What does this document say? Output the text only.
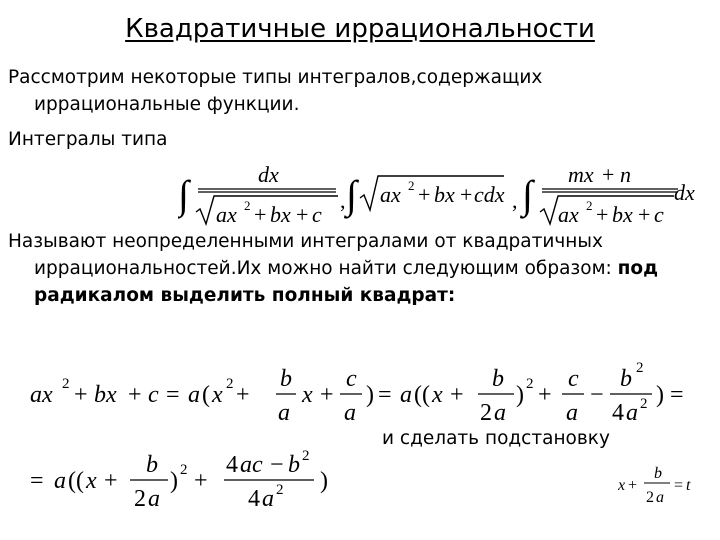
Квадратичные иррациональности
Рассмотрим некоторые типы интегралов,содержащих
иррациональные функции.
Интегралы типа
∫	dx
ax 2 + bx + c
, ∫ ax 2 + bx + cdx , ∫ mx + n
ax 2 + bx + c
dx
Называют неопределенными интегралами от квадратичных
иррациональностей.Их можно найти следующим образом: под
радикалом выделить полный квадрат:
ax 2 + bx + c = a ( x 2 +
b
a
x +
c
a
) = a (( x +
b
2 a
) 2 +
c
a
−
b 2
4 a 2 ) =
и сделать подстановку
= a (( x +
b
2 a
) 2 +
4 ac − b 2
4 a 2 )	x +
b
2 a
= t
